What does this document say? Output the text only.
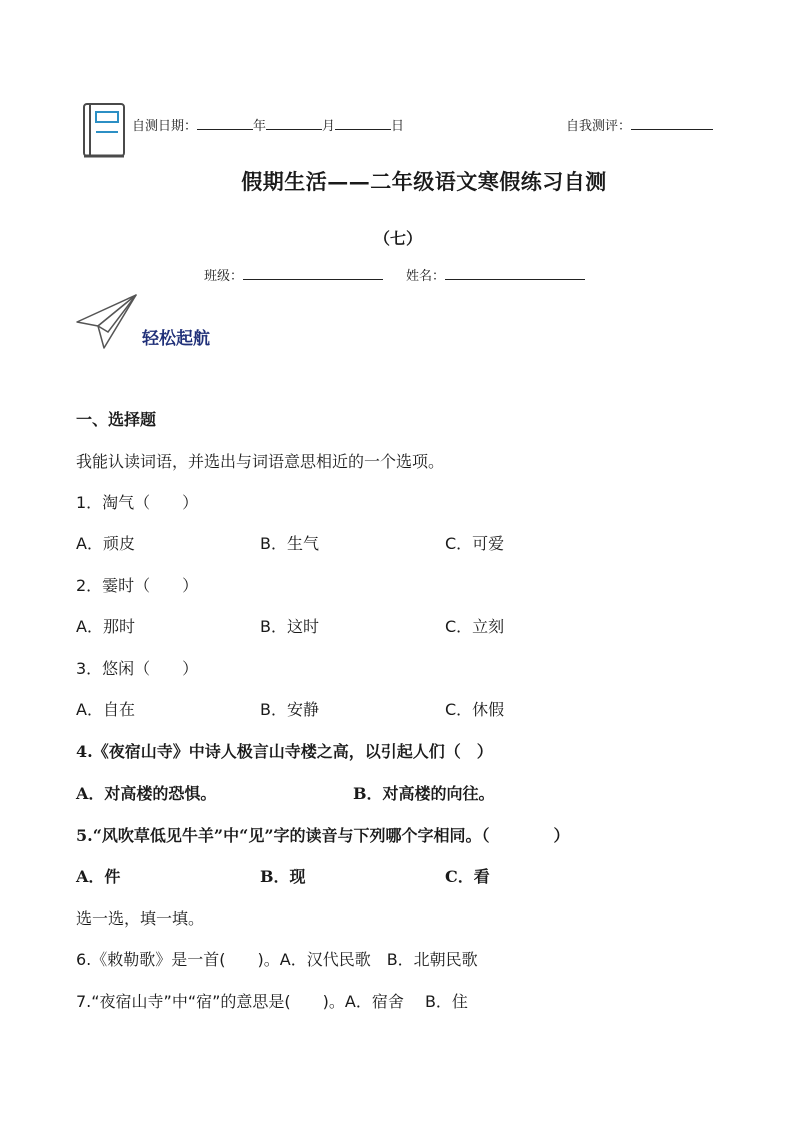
自测日期：	年	月	日	自我测评：
假期生活——二年级语文寒假练习自测
（七）
班级：	姓名：
轻松起航
一、选择题
我能认读词语，并选出与词语意思相近的一个选项。
1．淘气（　　）
A．顽皮	B．生气	C．可爱
2．霎时（　　）
A．那时	B．这时	C．立刻
3．悠闲（　　）
A．自在	B．安静	C．休假
4.《夜宿山寺》中诗人极言山寺楼之高，以引起人们（　）
A．对高楼的恐惧。	B．对高楼的向往。
5.“风吹草低见牛羊”中“见”字的读音与下列哪个字相同。（　　　　）
A．件	B．现	C．看
选一选，填一填。
6.《敕勒歌》是一首(　　)。A．汉代民歌　B．北朝民歌
7.“夜宿山寺”中“宿”的意思是(　　)。A．宿舍　 B．住
